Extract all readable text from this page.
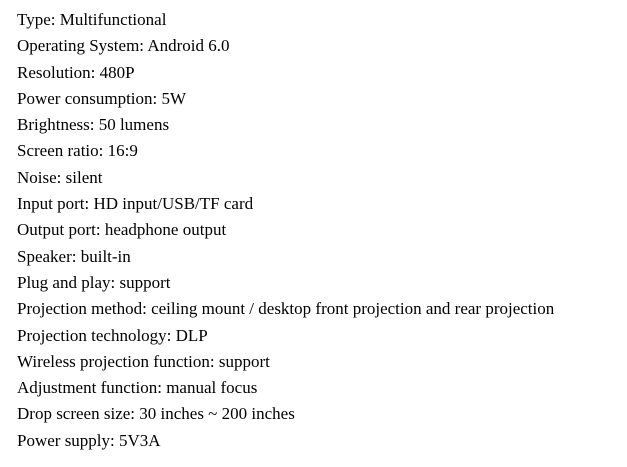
Type: Multifunctional

Operating System: Android 6.0

Resolution: 480P

Power consumption: 5W

Brightness: 50 lumens

Screen ratio: 16:9

Noise: silent

Input port: HD input/USB/TF card

Output port: headphone output

Speaker: built-in

Plug and play: support

Projection method: ceiling mount / desktop front projection and rear projection

Projection technology: DLP

Wireless projection function: support

Adjustment function: manual focus

Drop screen size: 30 inches ~ 200 inches

Power supply: 5V3A
